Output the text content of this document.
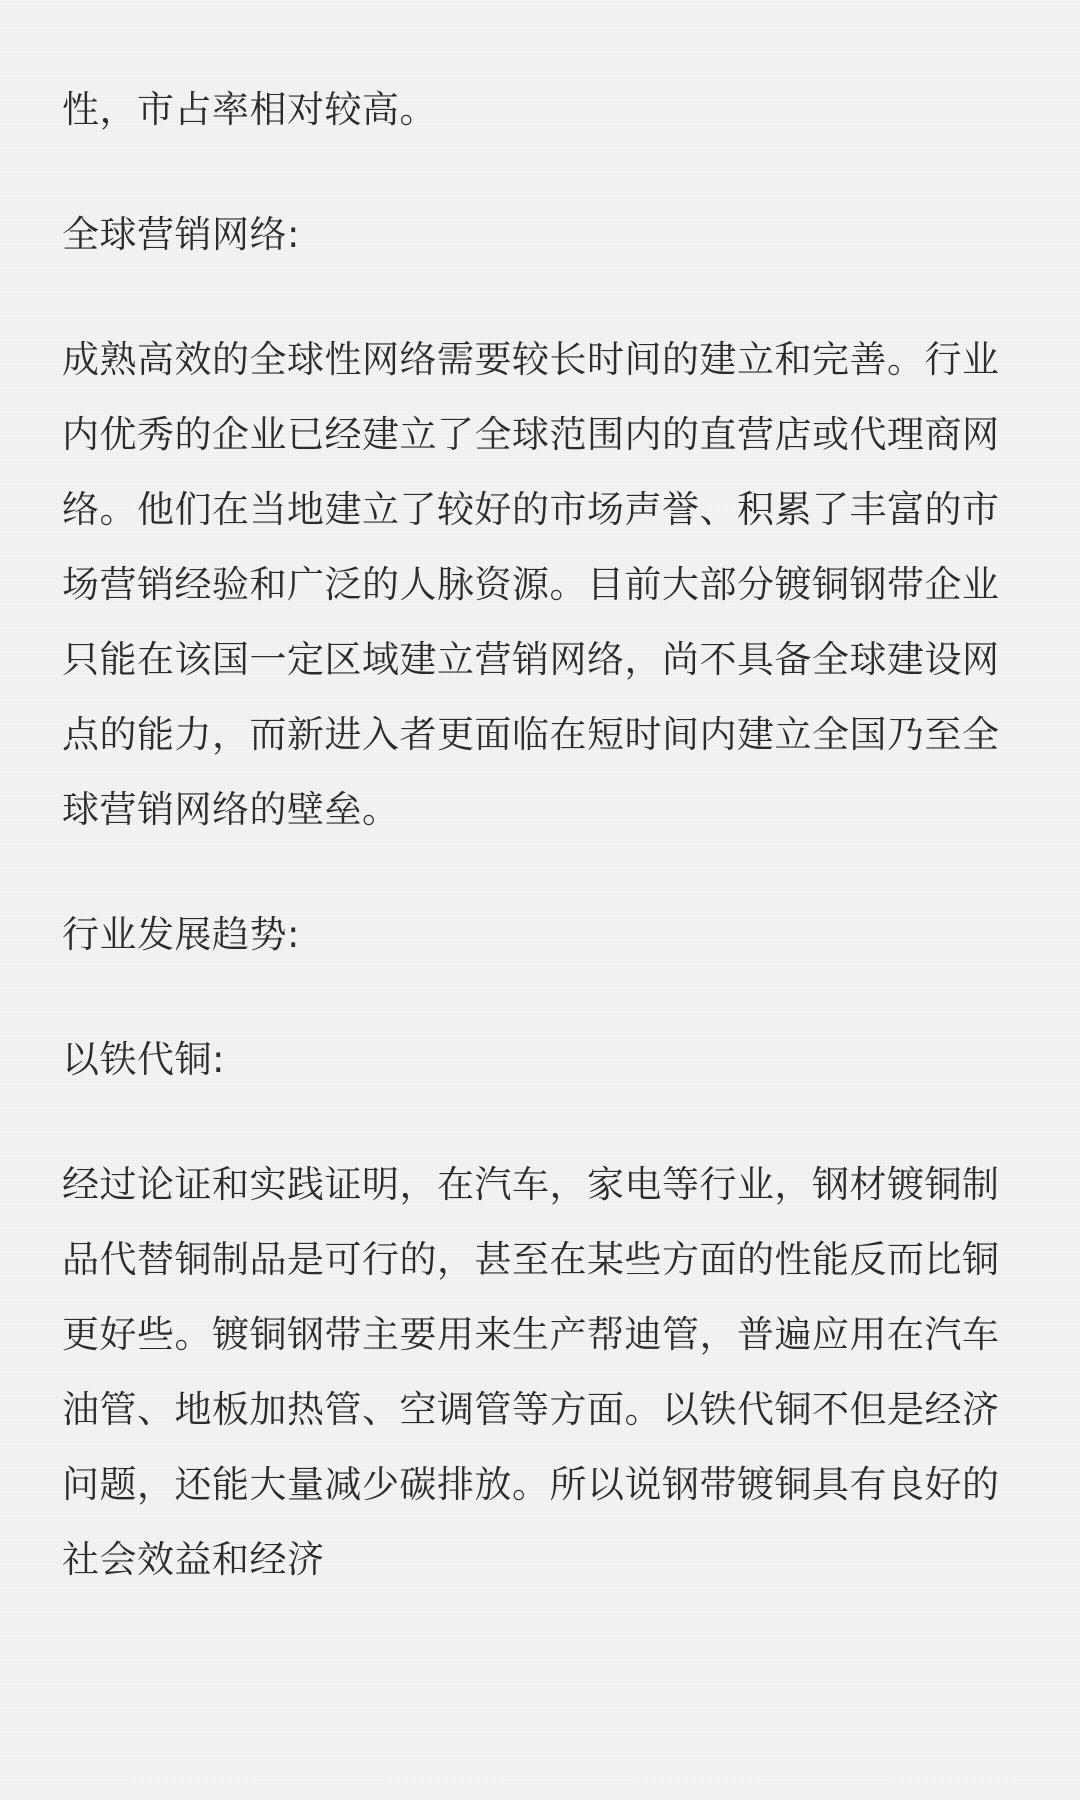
性，市占率相对较高。

全球营销网络:

成熟高效的全球性网络需要较长时间的建立和完善。行业内优秀的企业已经建立了全球范围内的直营店或代理商网络。他们在当地建立了较好的市场声誉、积累了丰富的市场营销经验和广泛的人脉资源。目前大部分镀铜钢带企业只能在该国一定区域建立营销网络，尚不具备全球建设网点的能力，而新进入者更面临在短时间内建立全国乃至全球营销网络的壁垒。

行业发展趋势:

以铁代铜:

经过论证和实践证明，在汽车，家电等行业，钢材镀铜制品代替铜制品是可行的，甚至在某些方面的性能反而比铜更好些。镀铜钢带主要用来生产帮迪管，普遍应用在汽车油管、地板加热管、空调管等方面。以铁代铜不但是经济问题，还能大量减少碳排放。所以说钢带镀铜具有良好的社会效益和经济
